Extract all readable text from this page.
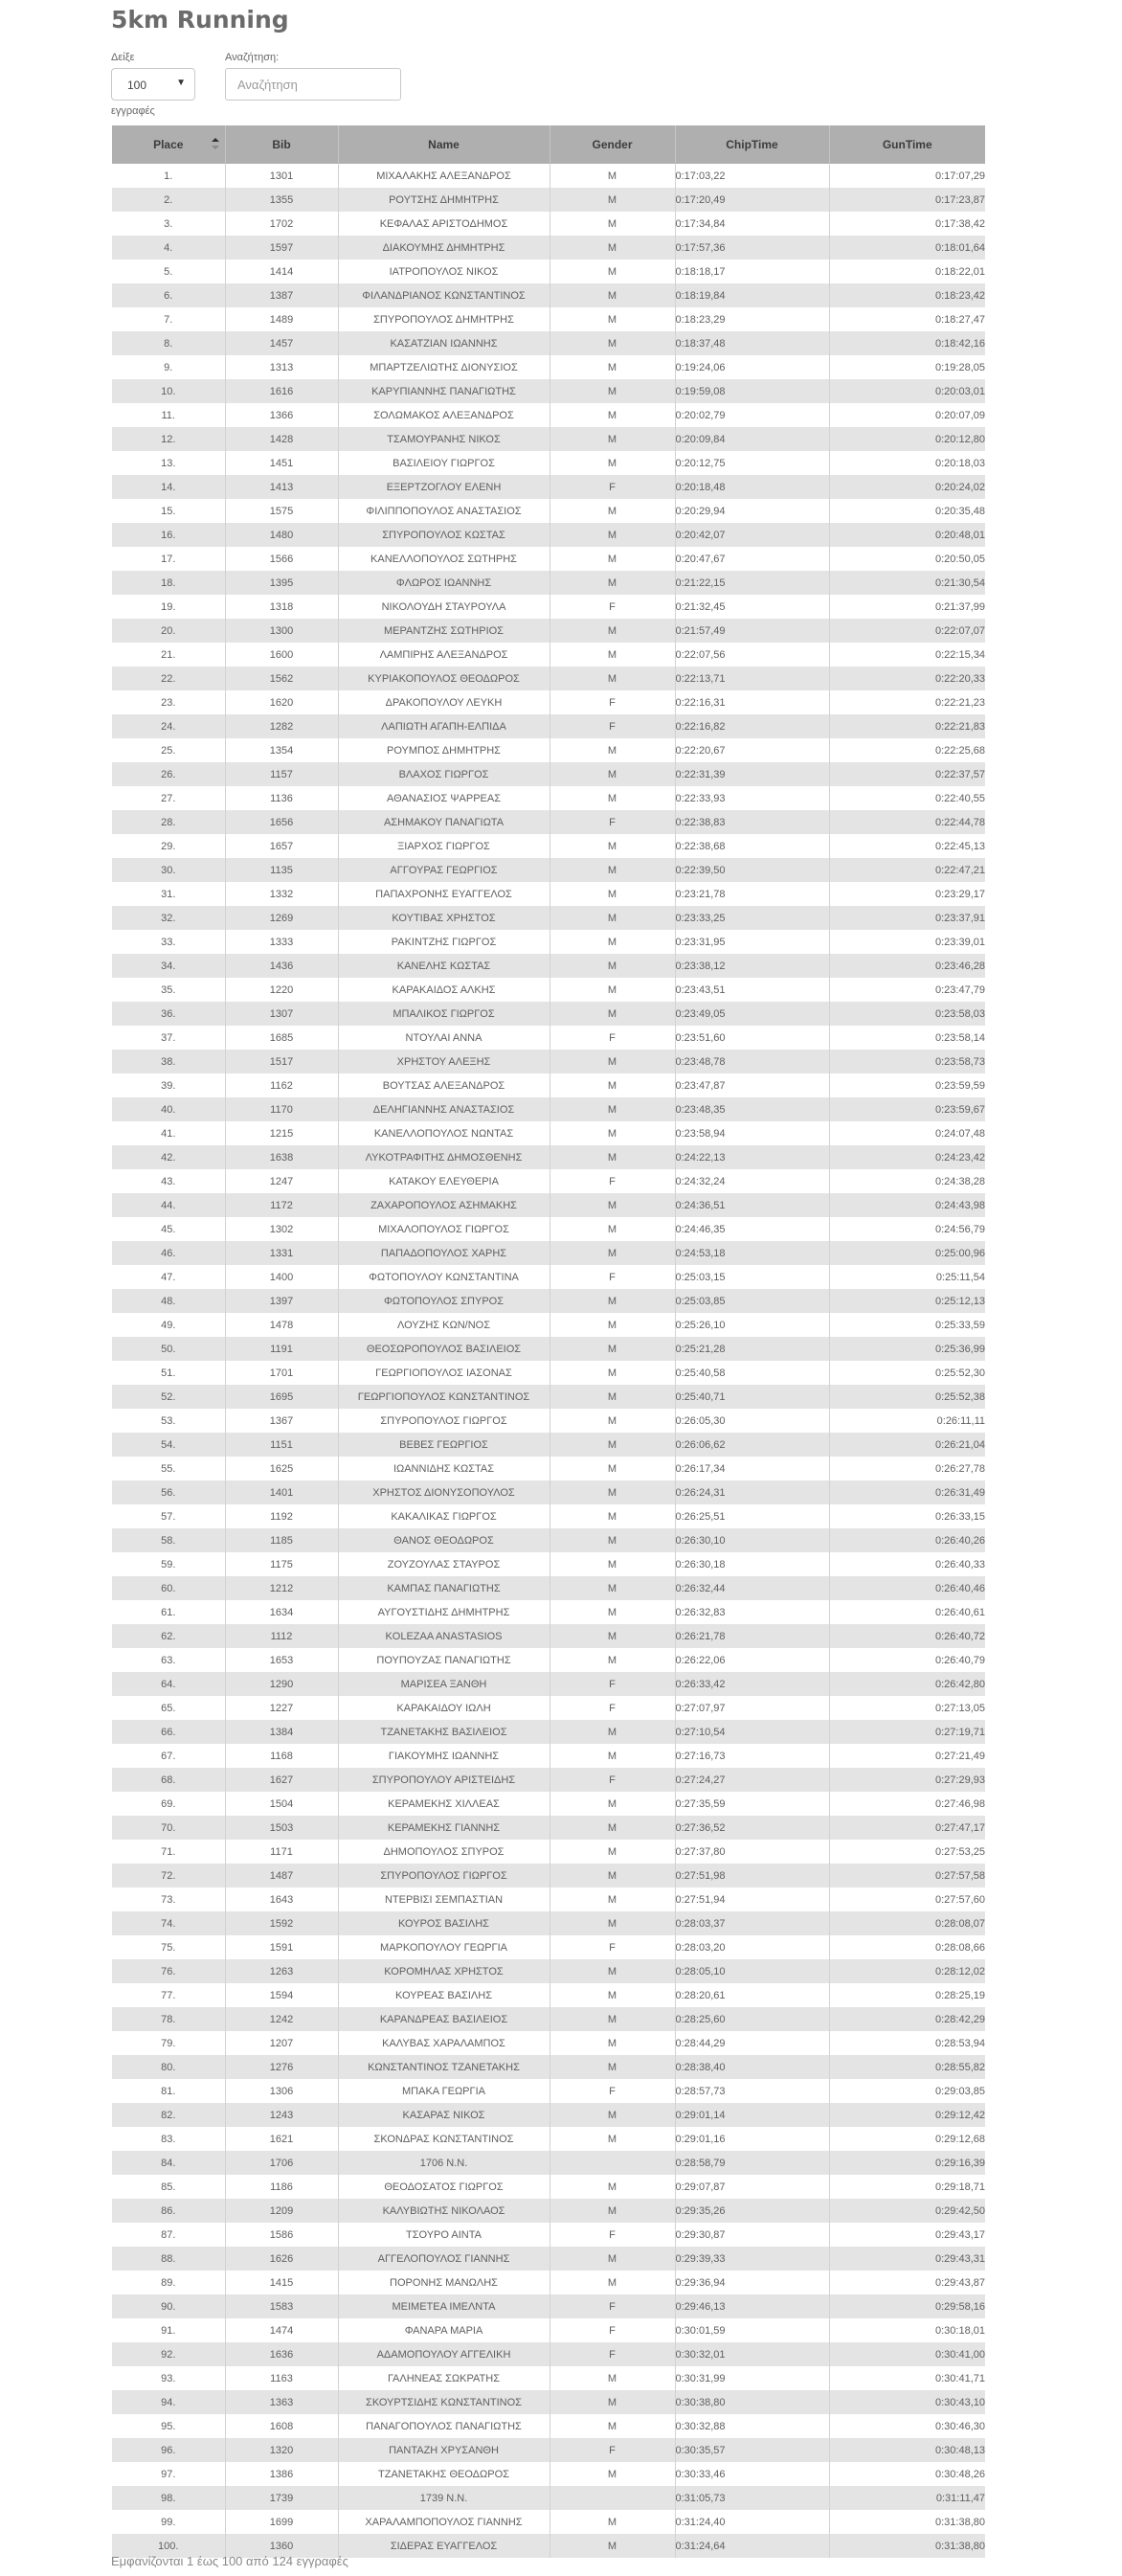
5km Running
Δείξε
100	▼
εγγραφές
Αναζήτηση:
Αναζήτηση
Place	Bib	Name	Gender	ChipTime	GunTime
1.	1301	ΜΙΧΑΛΑΚΗΣ ΑΛΕΞΑΝΔΡΟΣ	M	0:17:03,22	0:17:07,29
2.	1355	ΡΟΥΤΣΗΣ ΔΗΜΗΤΡΗΣ	M	0:17:20,49	0:17:23,87
3.	1702	ΚΕΦΑΛΑΣ ΑΡΙΣΤΟΔΗΜΟΣ	M	0:17:34,84	0:17:38,42
4.	1597	ΔΙΑΚΟΥΜΗΣ ΔΗΜΗΤΡΗΣ	M	0:17:57,36	0:18:01,64
5.	1414	ΙΑΤΡΟΠΟΥΛΟΣ ΝΙΚΟΣ	M	0:18:18,17	0:18:22,01
6.	1387	ΦΙΛΑΝΔΡΙΑΝΟΣ ΚΩΝΣΤΑΝΤΙΝΟΣ	M	0:18:19,84	0:18:23,42
7.	1489	ΣΠΥΡΟΠΟΥΛΟΣ ΔΗΜΗΤΡΗΣ	M	0:18:23,29	0:18:27,47
8.	1457	ΚΑΣΑΤΖΙΑΝ ΙΩΑΝΝΗΣ	M	0:18:37,48	0:18:42,16
9.	1313	ΜΠΑΡΤΖΕΛΙΩΤΗΣ ΔΙΟΝΥΣΙΟΣ	M	0:19:24,06	0:19:28,05
10.	1616	ΚΑΡΥΠΙΑΝΝΗΣ ΠΑΝΑΓΙΩΤΗΣ	M	0:19:59,08	0:20:03,01
11.	1366	ΣΟΛΩΜΑΚΟΣ ΑΛΕΞΑΝΔΡΟΣ	M	0:20:02,79	0:20:07,09
12.	1428	ΤΣΑΜΟΥΡΑΝΗΣ ΝΙΚΟΣ	M	0:20:09,84	0:20:12,80
13.	1451	ΒΑΣΙΛΕΙΟΥ ΓΙΩΡΓΟΣ	M	0:20:12,75	0:20:18,03
14.	1413	ΕΞΕΡΤΖΟΓΛΟΥ ΕΛΕΝΗ	F	0:20:18,48	0:20:24,02
15.	1575	ΦΙΛΙΠΠΟΠΟΥΛΟΣ ΑΝΑΣΤΑΣΙΟΣ	M	0:20:29,94	0:20:35,48
16.	1480	ΣΠΥΡΟΠΟΥΛΟΣ ΚΩΣΤΑΣ	M	0:20:42,07	0:20:48,01
17.	1566	ΚΑΝΕΛΛΟΠΟΥΛΟΣ ΣΩΤΗΡΗΣ	M	0:20:47,67	0:20:50,05
18.	1395	ΦΛΩΡΟΣ ΙΩΑΝΝΗΣ	M	0:21:22,15	0:21:30,54
19.	1318	ΝΙΚΟΛΟΥΔΗ ΣΤΑΥΡΟΥΛΑ	F	0:21:32,45	0:21:37,99
20.	1300	ΜΕΡΑΝΤΖΗΣ ΣΩΤΗΡΙΟΣ	M	0:21:57,49	0:22:07,07
21.	1600	ΛΑΜΠΙΡΗΣ ΑΛΕΞΑΝΔΡΟΣ	M	0:22:07,56	0:22:15,34
22.	1562	ΚΥΡΙΑΚΟΠΟΥΛΟΣ ΘΕΟΔΩΡΟΣ	M	0:22:13,71	0:22:20,33
23.	1620	ΔΡΑΚΟΠΟΥΛΟΥ ΛΕΥΚΗ	F	0:22:16,31	0:22:21,23
24.	1282	ΛΑΠΙΩΤΗ ΑΓΑΠΗ-ΕΛΠΙΔΑ	F	0:22:16,82	0:22:21,83
25.	1354	ΡΟΥΜΠΟΣ ΔΗΜΗΤΡΗΣ	M	0:22:20,67	0:22:25,68
26.	1157	ΒΛΑΧΟΣ ΓΙΩΡΓΟΣ	M	0:22:31,39	0:22:37,57
27.	1136	ΑΘΑΝΑΣΙΟΣ ΨΑΡΡΕΑΣ	M	0:22:33,93	0:22:40,55
28.	1656	ΑΣΗΜΑΚΟΥ ΠΑΝΑΓΙΩΤΑ	F	0:22:38,83	0:22:44,78
29.	1657	ΞΙΑΡΧΟΣ ΓΙΩΡΓΟΣ	M	0:22:38,68	0:22:45,13
30.	1135	ΑΓΓΟΥΡΑΣ ΓΕΩΡΓΙΟΣ	M	0:22:39,50	0:22:47,21
31.	1332	ΠΑΠΑΧΡΟΝΗΣ ΕΥΑΓΓΕΛΟΣ	M	0:23:21,78	0:23:29,17
32.	1269	ΚΟΥΤΙΒΑΣ ΧΡΗΣΤΟΣ	M	0:23:33,25	0:23:37,91
33.	1333	ΡΑΚΙΝΤΖΗΣ ΓΙΩΡΓΟΣ	M	0:23:31,95	0:23:39,01
34.	1436	ΚΑΝΕΛΗΣ ΚΩΣΤΑΣ	M	0:23:38,12	0:23:46,28
35.	1220	ΚΑΡΑΚΑΙΔΟΣ ΑΛΚΗΣ	M	0:23:43,51	0:23:47,79
36.	1307	ΜΠΑΛΙΚΟΣ ΓΙΩΡΓΟΣ	M	0:23:49,05	0:23:58,03
37.	1685	ΝΤΟΥΛΑΙ ΑΝΝΑ	F	0:23:51,60	0:23:58,14
38.	1517	ΧΡΗΣΤΟΥ ΑΛΕΞΗΣ	M	0:23:48,78	0:23:58,73
39.	1162	ΒΟΥΤΣΑΣ ΑΛΕΞΑΝΔΡΟΣ	M	0:23:47,87	0:23:59,59
40.	1170	ΔΕΛΗΓΙΑΝΝΗΣ ΑΝΑΣΤΑΣΙΟΣ	M	0:23:48,35	0:23:59,67
41.	1215	ΚΑΝΕΛΛΟΠΟΥΛΟΣ ΝΩΝΤΑΣ	M	0:23:58,94	0:24:07,48
42.	1638	ΛΥΚΟΤΡΑΦΙΤΗΣ ΔΗΜΟΣΘΕΝΗΣ	M	0:24:22,13	0:24:23,42
43.	1247	ΚΑΤΑΚΟΥ ΕΛΕΥΘΕΡΙΑ	F	0:24:32,24	0:24:38,28
44.	1172	ΖΑΧΑΡΟΠΟΥΛΟΣ ΑΣΗΜΑΚΗΣ	M	0:24:36,51	0:24:43,98
45.	1302	ΜΙΧΑΛΟΠΟΥΛΟΣ ΓΙΩΡΓΟΣ	M	0:24:46,35	0:24:56,79
46.	1331	ΠΑΠΑΔΟΠΟΥΛΟΣ ΧΑΡΗΣ	M	0:24:53,18	0:25:00,96
47.	1400	ΦΩΤΟΠΟΥΛΟΥ ΚΩΝΣΤΑΝΤΙΝΑ	F	0:25:03,15	0:25:11,54
48.	1397	ΦΩΤΟΠΟΥΛΟΣ ΣΠΥΡΟΣ	M	0:25:03,85	0:25:12,13
49.	1478	ΛΟΥΖΗΣ ΚΩΝ/ΝΟΣ	M	0:25:26,10	0:25:33,59
50.	1191	ΘΕΟΣΩΡΟΠΟΥΛΟΣ ΒΑΣΙΛΕΙΟΣ	M	0:25:21,28	0:25:36,99
51.	1701	ΓΕΩΡΓΙΟΠΟΥΛΟΣ ΙΑΣΟΝΑΣ	M	0:25:40,58	0:25:52,30
52.	1695	ΓΕΩΡΓΙΟΠΟΥΛΟΣ ΚΩΝΣΤΑΝΤΙΝΟΣ	M	0:25:40,71	0:25:52,38
53.	1367	ΣΠΥΡΟΠΟΥΛΟΣ ΓΙΩΡΓΟΣ	M	0:26:05,30	0:26:11,11
54.	1151	ΒΕΒΕΣ ΓΕΩΡΓΙΟΣ	M	0:26:06,62	0:26:21,04
55.	1625	ΙΩΑΝΝΙΔΗΣ ΚΩΣΤΑΣ	M	0:26:17,34	0:26:27,78
56.	1401	ΧΡΗΣΤΟΣ ΔΙΟΝΥΣΟΠΟΥΛΟΣ	M	0:26:24,31	0:26:31,49
57.	1192	ΚΑΚΑΛΙΚΑΣ ΓΙΩΡΓΟΣ	M	0:26:25,51	0:26:33,15
58.	1185	ΘΑΝΟΣ ΘΕΟΔΩΡΟΣ	M	0:26:30,10	0:26:40,26
59.	1175	ΖΟΥΖΟΥΛΑΣ ΣΤΑΥΡΟΣ	M	0:26:30,18	0:26:40,33
60.	1212	ΚΑΜΠΑΣ ΠΑΝΑΓΙΩΤΗΣ	M	0:26:32,44	0:26:40,46
61.	1634	ΑΥΓΟΥΣΤΙΔΗΣ ΔΗΜΗΤΡΗΣ	M	0:26:32,83	0:26:40,61
62.	1112	KOLEZAA ANASTASIOS	M	0:26:21,78	0:26:40,72
63.	1653	ΠΟΥΠΟΥΖΑΣ ΠΑΝΑΓΙΩΤΗΣ	M	0:26:22,06	0:26:40,79
64.	1290	ΜΑΡΙΣΕΑ ΞΑΝΘΗ	F	0:26:33,42	0:26:42,80
65.	1227	ΚΑΡΑΚΑΙΔΟΥ ΙΩΛΗ	F	0:27:07,97	0:27:13,05
66.	1384	ΤΖΑΝΕΤΑΚΗΣ ΒΑΣΙΛΕΙΟΣ	M	0:27:10,54	0:27:19,71
67.	1168	ΓΙΑΚΟΥΜΗΣ ΙΩΑΝΝΗΣ	M	0:27:16,73	0:27:21,49
68.	1627	ΣΠΥΡΟΠΟΥΛΟΥ ΑΡΙΣΤΕΙΔΗΣ	F	0:27:24,27	0:27:29,93
69.	1504	ΚΕΡΑΜΕΚΗΣ ΧΙΛΛΕΑΣ	M	0:27:35,59	0:27:46,98
70.	1503	ΚΕΡΑΜΕΚΗΣ ΓΙΑΝΝΗΣ	M	0:27:36,52	0:27:47,17
71.	1171	ΔΗΜΟΠΟΥΛΟΣ ΣΠΥΡΟΣ	M	0:27:37,80	0:27:53,25
72.	1487	ΣΠΥΡΟΠΟΥΛΟΣ ΓΙΩΡΓΟΣ	M	0:27:51,98	0:27:57,58
73.	1643	ΝΤΕΡΒΙΣΙ ΣΕΜΠΑΣΤΙΑΝ	M	0:27:51,94	0:27:57,60
74.	1592	ΚΟΥΡΟΣ ΒΑΣΙΛΗΣ	M	0:28:03,37	0:28:08,07
75.	1591	ΜΑΡΚΟΠΟΥΛΟΥ ΓΕΩΡΓΙΑ	F	0:28:03,20	0:28:08,66
76.	1263	ΚΟΡΟΜΗΛΑΣ ΧΡΗΣΤΟΣ	M	0:28:05,10	0:28:12,02
77.	1594	ΚΟΥΡΕΑΣ ΒΑΣΙΛΗΣ	M	0:28:20,61	0:28:25,19
78.	1242	ΚΑΡΑΝΔΡΕΑΣ ΒΑΣΙΛΕΙΟΣ	M	0:28:25,60	0:28:42,29
79.	1207	ΚΑΛΥΒΑΣ ΧΑΡΑΛΑΜΠΟΣ	M	0:28:44,29	0:28:53,94
80.	1276	ΚΩΝΣΤΑΝΤΙΝΟΣ ΤΖΑΝΕΤΑΚΗΣ	M	0:28:38,40	0:28:55,82
81.	1306	ΜΠΑΚΑ ΓΕΩΡΓΙΑ	F	0:28:57,73	0:29:03,85
82.	1243	ΚΑΣΑΡΑΣ ΝΙΚΟΣ	M	0:29:01,14	0:29:12,42
83.	1621	ΣΚΟΝΔΡΑΣ ΚΩΝΣΤΑΝΤΙΝΟΣ	M	0:29:01,16	0:29:12,68
84.	1706	1706 N.N.		0:28:58,79	0:29:16,39
85.	1186	ΘΕΟΔΟΣΑΤΟΣ ΓΙΩΡΓΟΣ	M	0:29:07,87	0:29:18,71
86.	1209	ΚΑΛΥΒΙΩΤΗΣ ΝΙΚΟΛΑΟΣ	M	0:29:35,26	0:29:42,50
87.	1586	ΤΣΟΥΡΟ ΑΙΝΤΑ	F	0:29:30,87	0:29:43,17
88.	1626	ΑΓΓΕΛΟΠΟΥΛΟΣ ΓΙΑΝΝΗΣ	M	0:29:39,33	0:29:43,31
89.	1415	ΠΟΡΟΝΗΣ ΜΑΝΩΛΗΣ	M	0:29:36,94	0:29:43,87
90.	1583	ΜΕΙΜΕΤΕΑ ΙΜΕΛΝΤΑ	F	0:29:46,13	0:29:58,16
91.	1474	ΦΑΝΑΡΑ ΜΑΡΙΑ	F	0:30:01,59	0:30:18,01
92.	1636	ΑΔΑΜΟΠΟΥΛΟΥ ΑΓΓΕΛΙΚΗ	F	0:30:32,01	0:30:41,00
93.	1163	ΓΑΛΗΝΕΑΣ ΣΩΚΡΑΤΗΣ	M	0:30:31,99	0:30:41,71
94.	1363	ΣΚΟΥΡΤΣΙΔΗΣ ΚΩΝΣΤΑΝΤΙΝΟΣ	M	0:30:38,80	0:30:43,10
95.	1608	ΠΑΝΑΓΟΠΟΥΛΟΣ ΠΑΝΑΓΙΩΤΗΣ	M	0:30:32,88	0:30:46,30
96.	1320	ΠΑΝΤΑΖΗ ΧΡΥΣΑΝΘΗ	F	0:30:35,57	0:30:48,13
97.	1386	ΤΖΑΝΕΤΑΚΗΣ ΘΕΟΔΩΡΟΣ	M	0:30:33,46	0:30:48,26
98.	1739	1739 N.N.		0:31:05,73	0:31:11,47
99.	1699	ΧΑΡΑΛΑΜΠΟΠΟΥΛΟΣ ΓΙΑΝΝΗΣ	M	0:31:24,40	0:31:38,80
100.	1360	ΣΙΔΕΡΑΣ ΕΥΑΓΓΕΛΟΣ	M	0:31:24,64	0:31:38,80
Εμφανίζονται 1 έως 100 από 124 εγγραφές
